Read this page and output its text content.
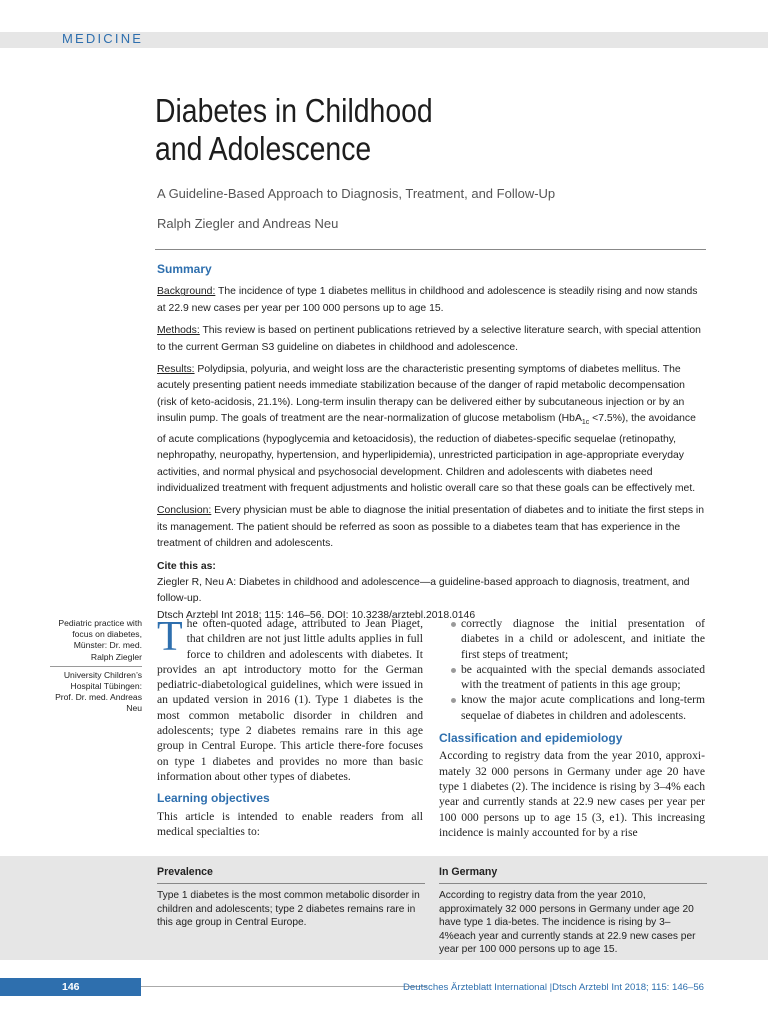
MEDICINE
Diabetes in Childhood
and Adolescence
A Guideline-Based Approach to Diagnosis, Treatment, and Follow-Up
Ralph Ziegler and Andreas Neu
Summary

Background: The incidence of type 1 diabetes mellitus in childhood and adolescence is steadily rising and now stands at 22.9 new cases per year per 100 000 persons up to age 15.

Methods: This review is based on pertinent publications retrieved by a selective literature search, with special attention to the current German S3 guideline on diabetes in childhood and adolescence.

Results: Polydipsia, polyuria, and weight loss are the characteristic presenting symptoms of diabetes mellitus. The acutely presenting patient needs immediate stabilization because of the danger of rapid metabolic decompensation (risk of keto-acidosis, 21.1%). Long-term insulin therapy can be delivered either by subcutaneous injection or by an insulin pump. The goals of treatment are the near-normalization of glucose metabolism (HbA$_{1c}$ <7.5%), the avoidance of acute complications (hypoglycemia and ketoacidosis), the reduction of diabetes-specific sequelae (retinopathy, nephropathy, neuropathy, hypertension, and hyperlipidemia), unrestricted participation in age-appropriate everyday activities, and normal physical and psychosocial development. Children and adolescents with diabetes need individualized treatment with frequent adjustments and holistic overall care so that these goals can be effectively met.

Conclusion: Every physician must be able to diagnose the initial presentation of diabetes and to initiate the first steps in its management. The patient should be referred as soon as possible to a diabetes team that has experience in the treatment of children and adolescents.

Cite this as:
Ziegler R, Neu A: Diabetes in childhood and adolescence—a guideline-based approach to diagnosis, treatment, and follow-up.
Dtsch Arztebl Int 2018; 115: 146–56. DOI: 10.3238/arztebl.2018.0146
Pediatric practice with focus on diabetes, Münster: Dr. med. Ralph Ziegler
University Children’s Hospital Tübingen: Prof. Dr. med. Andreas Neu
The often-quoted adage, attributed to Jean Piaget, that children are not just little adults applies in full force to children and adolescents with diabetes. It provides an apt introductory motto for the German pediatric-diabetological guidelines, which were issued in an updated version in 2016 (1). Type 1 diabetes is the most common metabolic disorder in children and adolescents; type 2 diabetes remains rare in this age group in Central Europe. This article there-fore focuses on type 1 diabetes and provides no more than basic information about other types of diabetes.
Learning objectives
This article is intended to enable readers from all medical specialties to:
correctly diagnose the initial presentation of diabetes in a child or adolescent, and initiate the first steps of treatment;
be acquainted with the special demands associated with the treatment of patients in this age group;
know the major acute complications and long-term sequelae of diabetes in children and adolescents.
Classification and epidemiology
According to registry data from the year 2010, approxi-mately 32 000 persons in Germany under age 20 have type 1 diabetes (2). The incidence is rising by 3–4% each year and currently stands at 22.9 new cases per year per 100 000 persons up to age 15 (3, e1). This increasing incidence is mainly accounted for by a rise
Prevalence
Type 1 diabetes is the most common metabolic disorder in children and adolescents; type 2 diabetes remains rare in this age group in Central Europe.
In Germany
According to registry data from the year 2010, approximately 32 000 persons in Germany under age 20 have type 1 dia-betes. The incidence is rising by 3–4%each year and currently stands at 22.9 new cases per year per 100 000 persons up to age 15.
146	Deutsches Ärzteblatt International |Dtsch Arztebl Int 2018; 115: 146–56
